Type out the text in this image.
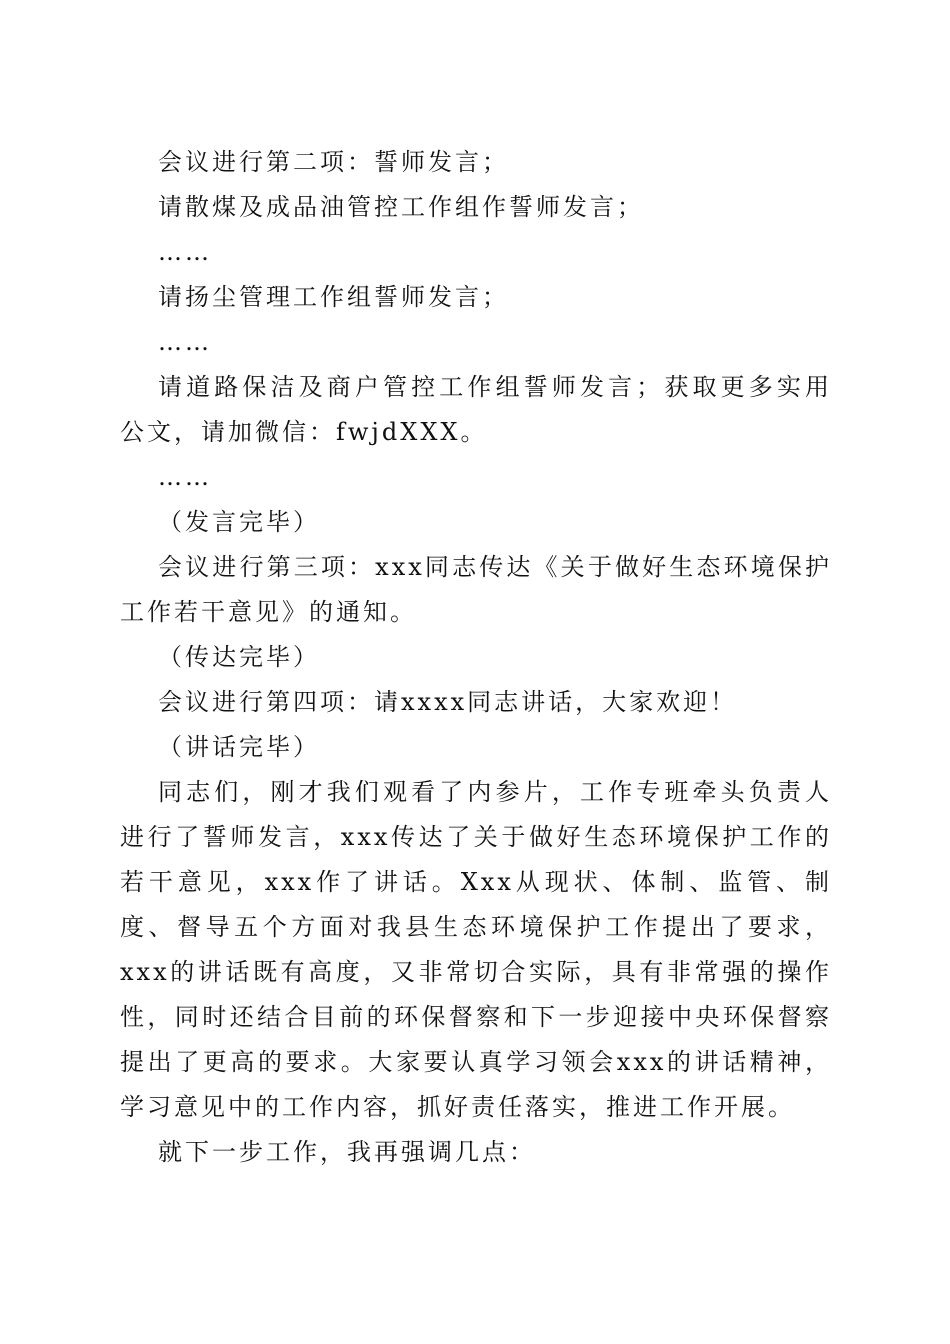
会议进行第二项：誓师发言；

请散煤及成品油管控工作组作誓师发言；

……

请扬尘管理工作组誓师发言；

……

请道路保洁及商户管控工作组誓师发言；获取更多实用公文，请加微信：fwjdXXX。

……

（发言完毕）

会议进行第三项：xxx同志传达《关于做好生态环境保护工作若干意见》的通知。

（传达完毕）

会议进行第四项：请xxxx同志讲话，大家欢迎！

（讲话完毕）

同志们，刚才我们观看了内参片，工作专班牵头负责人进行了誓师发言，xxx传达了关于做好生态环境保护工作的若干意见，xxx作了讲话。Xxx从现状、体制、监管、制度、督导五个方面对我县生态环境保护工作提出了要求，xxx的讲话既有高度，又非常切合实际，具有非常强的操作性，同时还结合目前的环保督察和下一步迎接中央环保督察提出了更高的要求。大家要认真学习领会xxx的讲话精神，学习意见中的工作内容，抓好责任落实，推进工作开展。

就下一步工作，我再强调几点：
